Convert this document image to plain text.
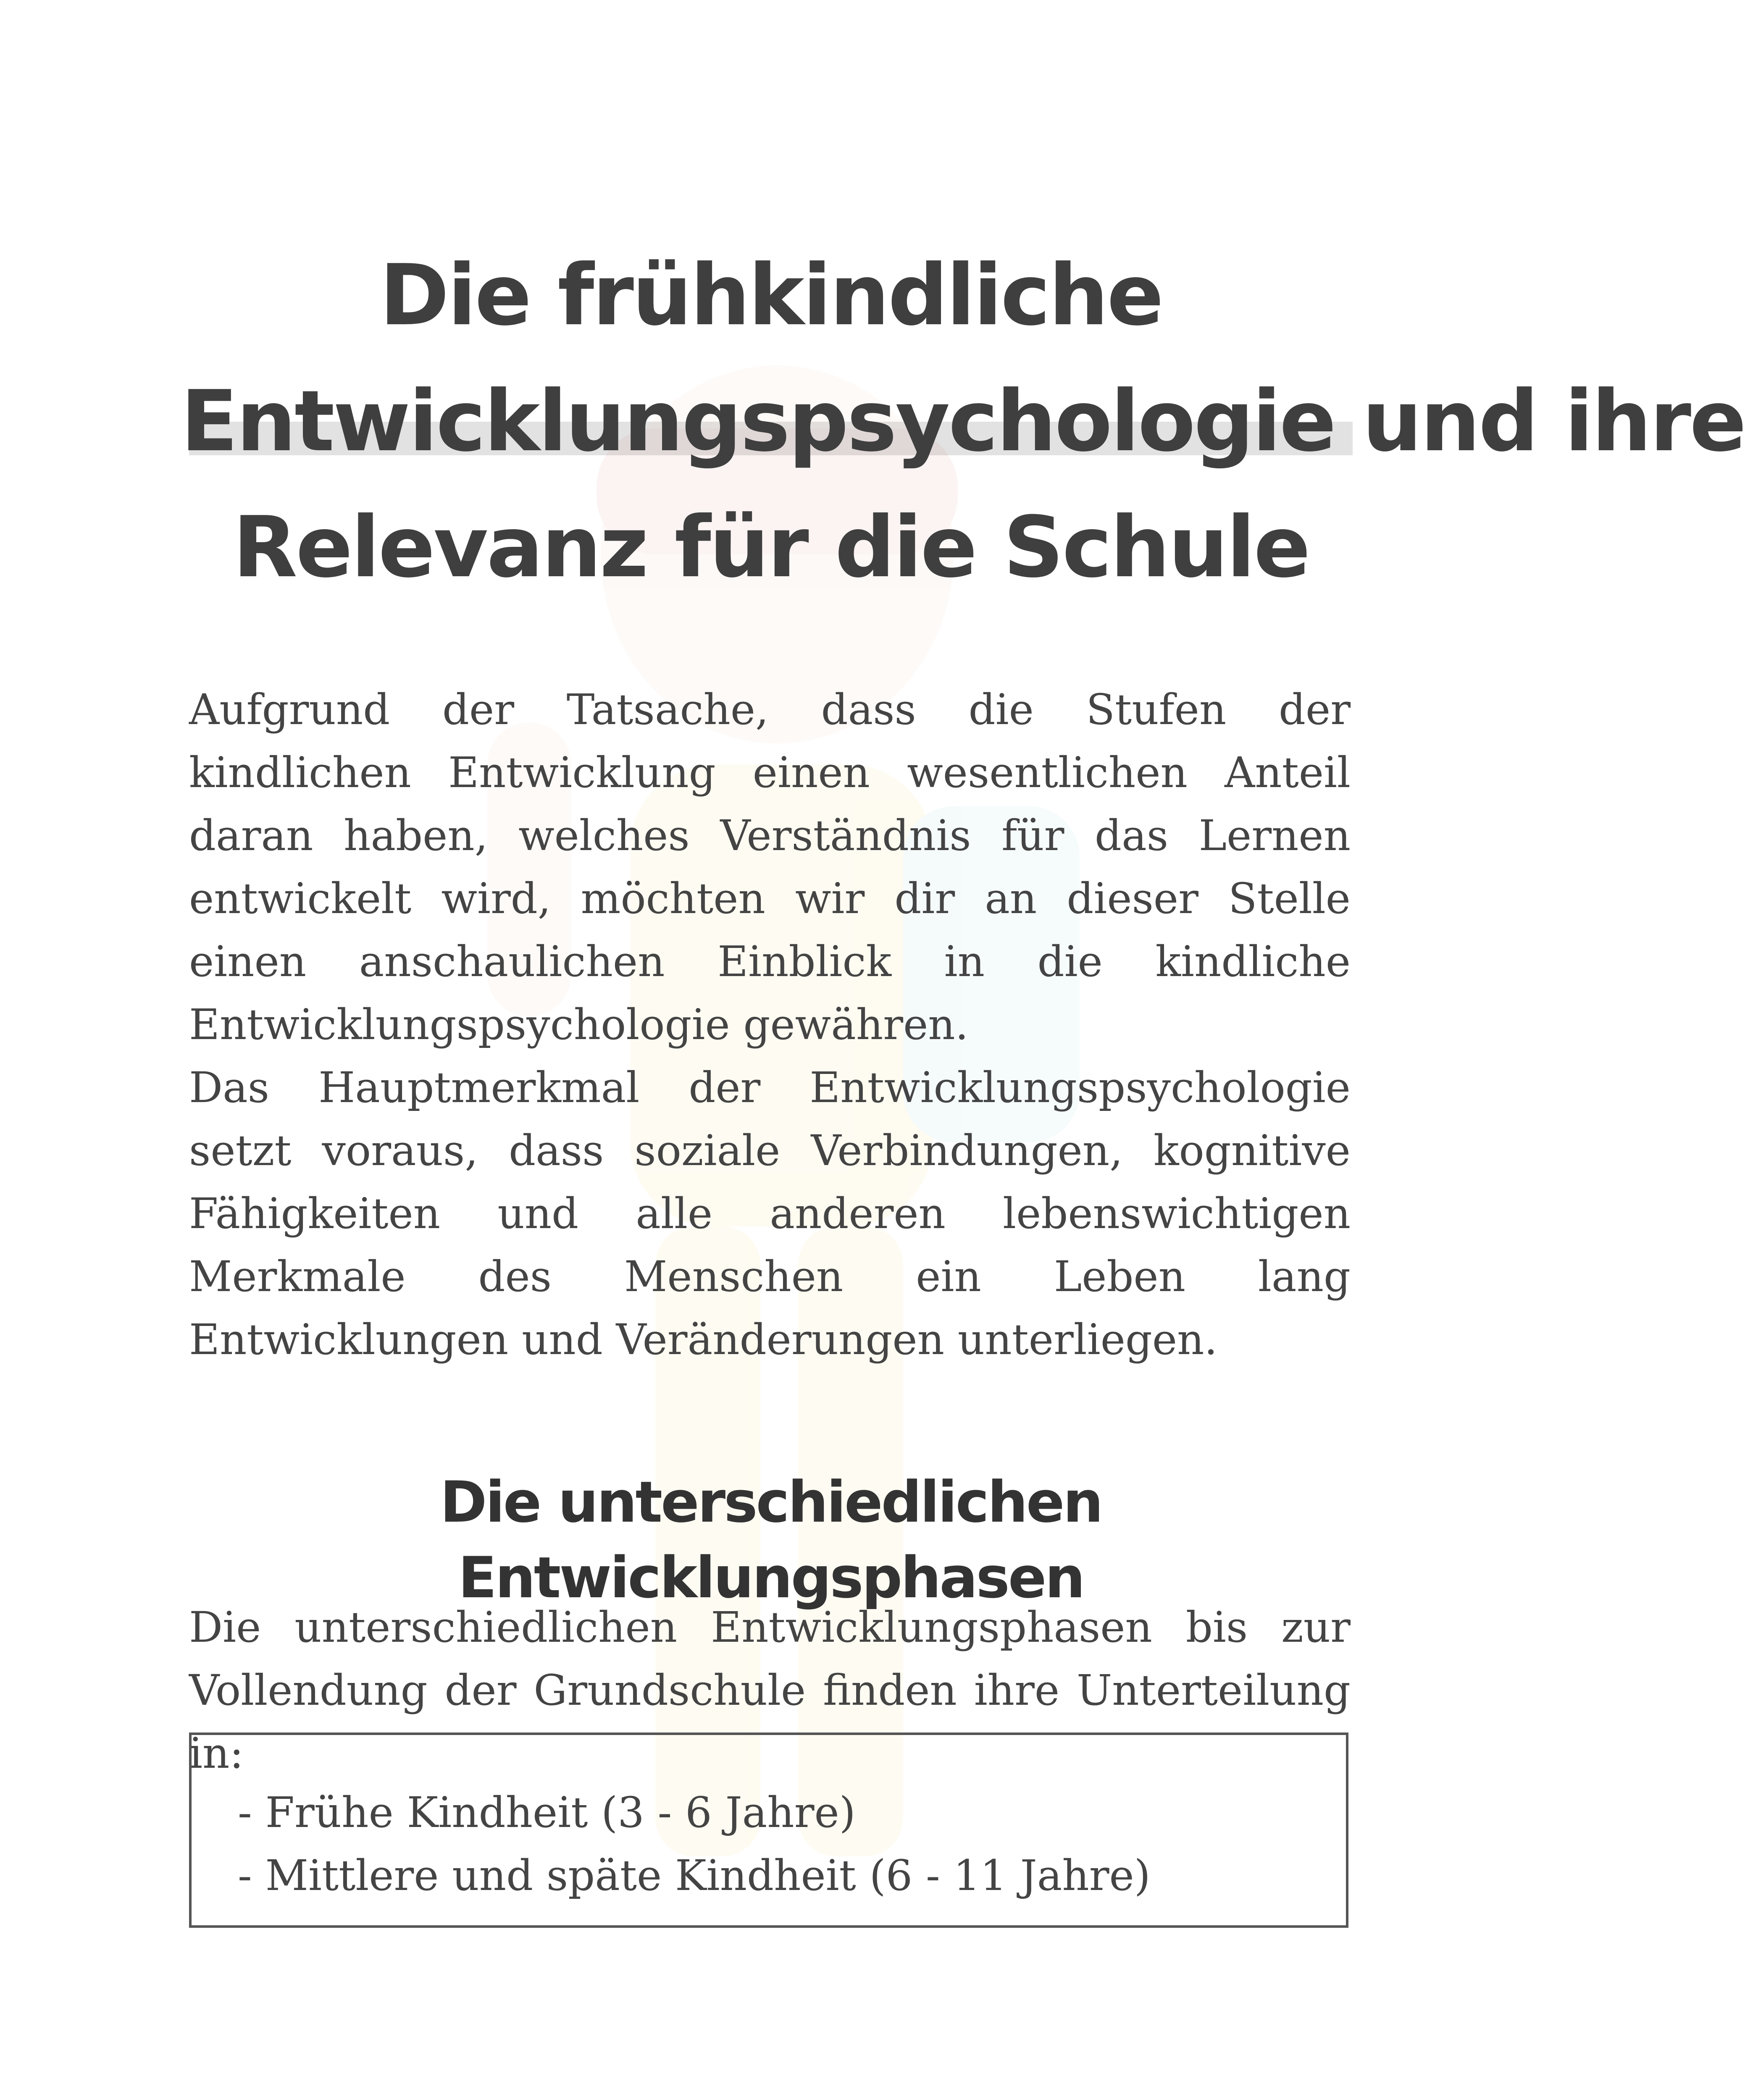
Die frühkindliche
Entwicklungspsychologie und ihre
Relevanz für die Schule

Aufgrund der Tatsache, dass die Stufen der kindlichen Entwicklung einen wesentlichen Anteil daran haben, welches Verständnis für das Lernen entwickelt wird, möchten wir dir an dieser Stelle einen anschaulichen Einblick in die kindliche Entwicklungspsychologie gewähren.

Das Hauptmerkmal der Entwicklungspsychologie setzt voraus, dass soziale Verbindungen, kognitive Fähigkeiten und alle anderen lebenswichtigen Merkmale des Menschen ein Leben lang Entwicklungen und Veränderungen unterliegen.

Die unterschiedlichen Entwicklungsphasen

Die unterschiedlichen Entwicklungsphasen bis zur Vollendung der Grundschule finden ihre Unterteilung in:

- Frühe Kindheit (3 - 6 Jahre)
- Mittlere und späte Kindheit (6 - 11 Jahre)
